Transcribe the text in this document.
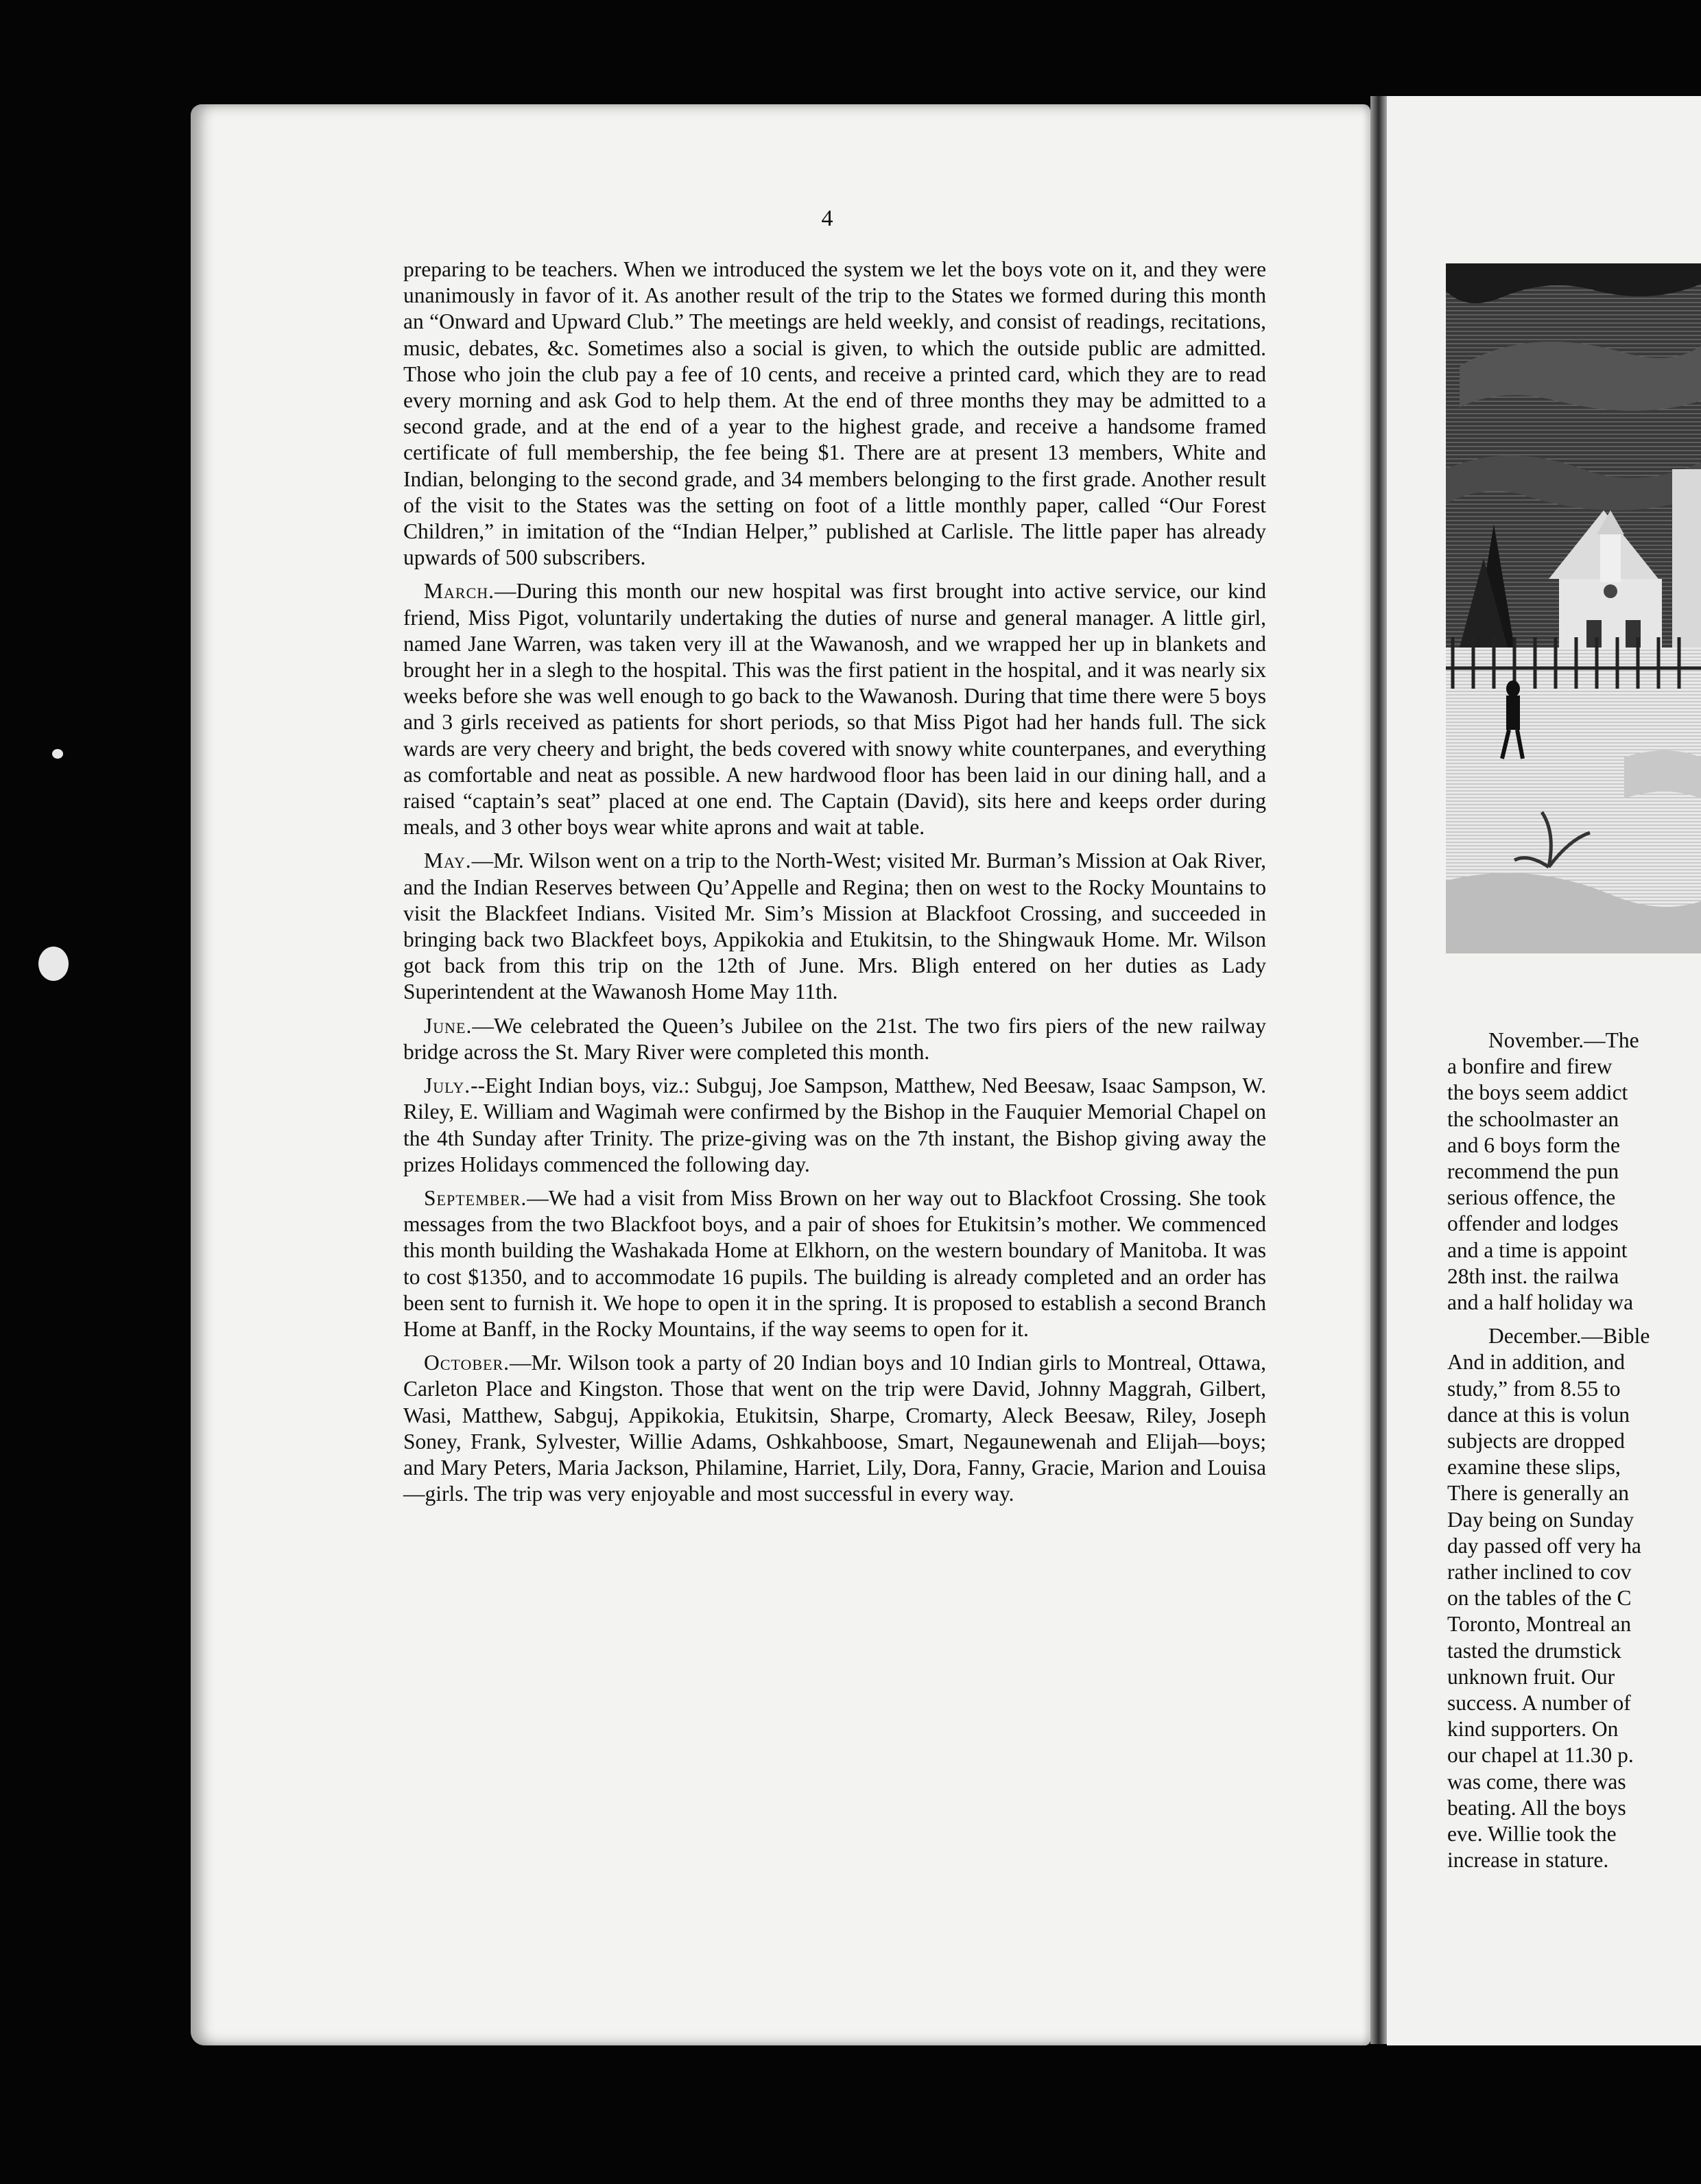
4

preparing to be teachers. When we introduced the system we let the boys vote on it, and they were unanimously in favor of it. As another result of the trip to the States we formed during this month an “Onward and Upward Club.” The meetings are held weekly, and consist of readings, recitations, music, debates, &c. Sometimes also a social is given, to which the outside public are admitted. Those who join the club pay a fee of 10 cents, and receive a printed card, which they are to read every morning and ask God to help them. At the end of three months they may be admitted to a second grade, and at the end of a year to the highest grade, and receive a handsome framed certificate of full membership, the fee being $1. There are at present 13 members, White and Indian, belonging to the second grade, and 34 members belonging to the first grade. Another result of the visit to the States was the setting on foot of a little monthly paper, called “Our Forest Children,” in imitation of the “Indian Helper,” published at Carlisle. The little paper has already upwards of 500 subscribers.

March.—During this month our new hospital was first brought into active service, our kind friend, Miss Pigot, voluntarily undertaking the duties of nurse and general manager. A little girl, named Jane Warren, was taken very ill at the Wawanosh, and we wrapped her up in blankets and brought her in a slegh to the hospital. This was the first patient in the hospital, and it was nearly six weeks before she was well enough to go back to the Wawanosh. During that time there were 5 boys and 3 girls received as patients for short periods, so that Miss Pigot had her hands full. The sick wards are very cheery and bright, the beds covered with snowy white counterpanes, and everything as comfortable and neat as possible. A new hardwood floor has been laid in our dining hall, and a raised “captain’s seat” placed at one end. The Captain (David), sits here and keeps order during meals, and 3 other boys wear white aprons and wait at table.

May.—Mr. Wilson went on a trip to the North-West; visited Mr. Burman’s Mission at Oak River, and the Indian Reserves between Qu’Appelle and Regina; then on west to the Rocky Mountains to visit the Blackfeet Indians. Visited Mr. Sim’s Mission at Blackfoot Crossing, and succeeded in bringing back two Blackfeet boys, Appikokia and Etukitsin, to the Shingwauk Home. Mr. Wilson got back from this trip on the 12th of June. Mrs. Bligh entered on her duties as Lady Superintendent at the Wawanosh Home May 11th.

June.—We celebrated the Queen’s Jubilee on the 21st. The two firs piers of the new railway bridge across the St. Mary River were completed this month.

July.--Eight Indian boys, viz.: Subguj, Joe Sampson, Matthew, Ned Beesaw, Isaac Sampson, W. Riley, E. William and Wagimah were confirmed by the Bishop in the Fauquier Memorial Chapel on the 4th Sunday after Trinity. The prize-giving was on the 7th instant, the Bishop giving away the prizes Holidays commenced the following day.

September.—We had a visit from Miss Brown on her way out to Blackfoot Crossing. She took messages from the two Blackfoot boys, and a pair of shoes for Etukitsin’s mother. We commenced this month building the Washakada Home at Elkhorn, on the western boundary of Manitoba. It was to cost $1350, and to accommodate 16 pupils. The building is already completed and an order has been sent to furnish it. We hope to open it in the spring. It is proposed to establish a second Branch Home at Banff, in the Rocky Mountains, if the way seems to open for it.

October.—Mr. Wilson took a party of 20 Indian boys and 10 Indian girls to Montreal, Ottawa, Carleton Place and Kingston. Those that went on the trip were David, Johnny Maggrah, Gilbert, Wasi, Matthew, Sabguj, Appikokia, Etukitsin, Sharpe, Cromarty, Aleck Beesaw, Riley, Joseph Soney, Frank, Sylvester, Willie Adams, Oshkahboose, Smart, Negaunewenah and Elijah—boys; and Mary Peters, Maria Jackson, Philamine, Harriet, Lily, Dora, Fanny, Gracie, Marion and Louisa—girls. The trip was very enjoyable and most successful in every way.

November.—The
a bonfire and firew
the boys seem addict
the schoolmaster an
and 6 boys form the
recommend the pun
serious offence, the
offender and lodges
and a time is appoint
28th inst. the railwa
and a half holiday wa

December.—Bible
And in addition, and
study,” from 8.55 to
dance at this is volun
subjects are dropped
examine these slips,
There is generally an
Day being on Sunday
day passed off very ha
rather inclined to cov
on the tables of the C
Toronto, Montreal an
tasted the drumstick
unknown fruit. Our
success. A number of
kind supporters. On
our chapel at 11.30 p.
was come, there was
beating. All the boys
eve. Willie took the
increase in stature.
